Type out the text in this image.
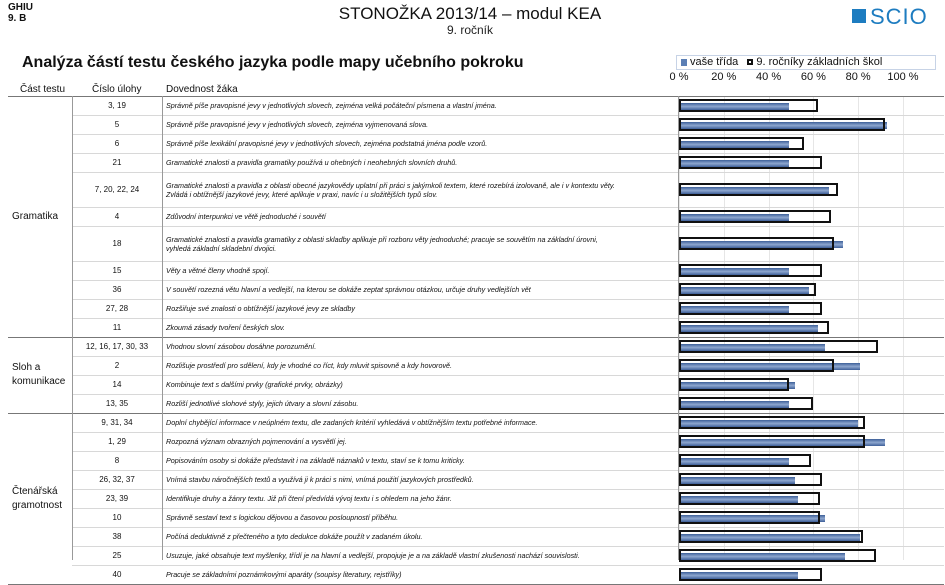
GHIU
9. B	STONOŽKA 2013/14 – modul KEA
9. ročník
SCIO
Analýza částí testu českého jazyka podle mapy učebního pokroku	vaše třída 9. ročníky základních škol
Část testu	Číslo úlohy Dovednost žáka
0 %	20 %	40 %	60 %	80 %	100 %
3, 19	Správně píše pravopisné jevy v jednotlivých slovech, zejména velká počáteční písmena a vlastní jména.
5	Správně píše pravopisné jevy v jednotlivých slovech, zejména vyjmenovaná slova.
6	Správně píše lexikální pravopisné jevy v jednotlivých slovech, zejména podstatná jména podle vzorů.
21	Gramatické znalosti a pravidla gramatiky používá u ohebných i neohebných slovních druhů.
7, 20, 22, 24	Gramatické znalosti a pravidla z oblasti obecné jazykovědy uplatní při práci s jakýmkoli textem, které rozebírá izolovaně, ale i v kontextu věty.
Zvládá i obtížnější jazykové jevy, které aplikuje v praxi, navíc i u složitějších typů slov.
4	Zdůvodní interpunkci ve větě jednoduché i souvětí
18	Gramatické znalosti a pravidla gramatiky z oblasti skladby aplikuje při rozboru věty jednoduché; pracuje se souvětím na základní úrovni,
vyhledá základní skladební dvojici.
15	Věty a větné členy vhodně spojí.
36	V souvětí rozezná větu hlavní a vedlejší, na kterou se dokáže zeptat správnou otázkou, určuje druhy vedlejších vět
27, 28	Rozšiřuje své znalosti o obtížnější jazykové jevy ze skladby
11	Zkoumá zásady tvoření českých slov.
Gramatika
12, 16, 17, 30, 33	Vhodnou slovní zásobou dosáhne porozumění.
2	Rozlišuje prostředí pro sdělení, kdy je vhodné co říct, kdy mluvit spisovně a kdy hovorově.
14	Kombinuje text s dalšími prvky (grafické prvky, obrázky)
13, 35	Rozliší jednotlivé slohové styly, jejich útvary a slovní zásobu.
Sloh a
komunikace
9, 31, 34	Doplní chybějící informace v neúplném textu, dle zadaných kritérií vyhledává v obtížnějším textu potřebné informace.
1, 29	Rozpozná význam obrazných pojmenování a vysvětlí jej.
8	Popisováním osoby si dokáže představit i na základě náznaků v textu, staví se k tomu kriticky.
26, 32, 37	Vnímá stavbu náročnějších textů a využívá ji k práci s nimi, vnímá použití jazykových prostředků.
23, 39	Identifikuje druhy a žánry textu. Již při čtení předvídá vývoj textu i s ohledem na jeho žánr.
10	Správně sestaví text s logickou dějovou a časovou posloupností příběhu.
38	Počíná deduktivně z přečteného a tyto dedukce dokáže použít v zadaném úkolu.
25	Usuzuje, jaké obsahuje text myšlenky, třídí je na hlavní a vedlejší, propojuje je a na základě vlastní zkušenosti nachází souvislosti.
40	Pracuje se základními poznámkovými aparáty (soupisy literatury, rejstříky)
Čtenářská
gramotnost
